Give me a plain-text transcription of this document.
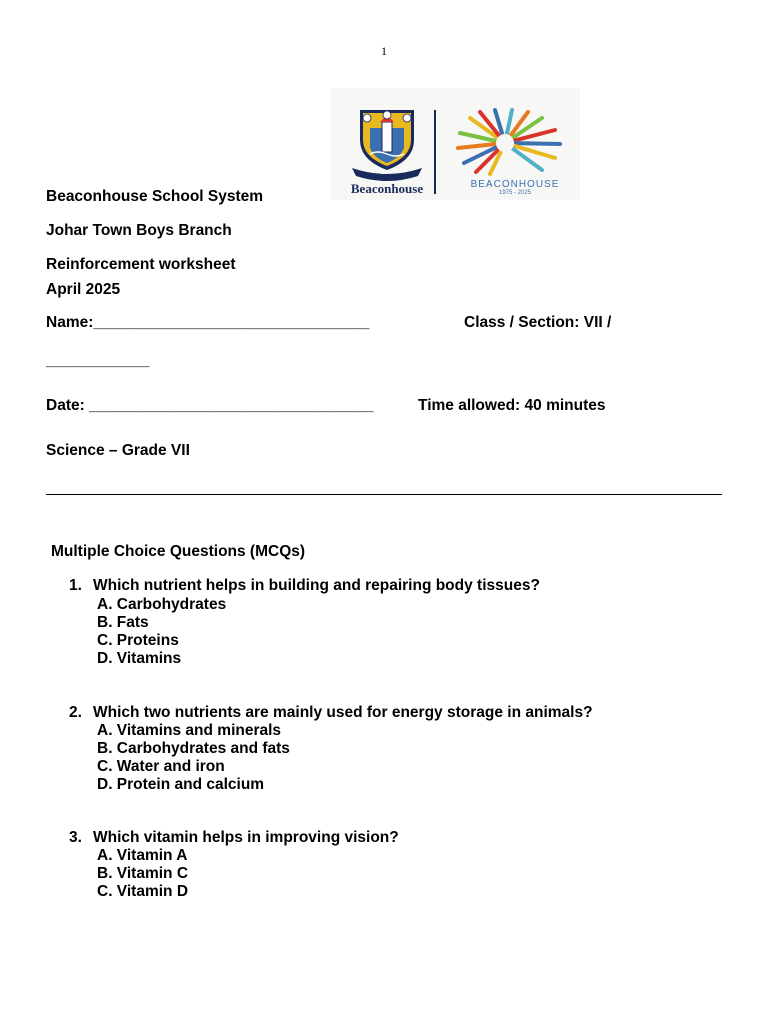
1
Beaconhouse	BEACONHOUSE
1975 - 2025
Beaconhouse School System
Johar Town Boys Branch
Reinforcement worksheet
April 2025
Name:________________________________	Class / Section: VII /
____________
Date: _________________________________	Time allowed: 40 minutes
Science – Grade VII
Multiple Choice Questions (MCQs)
1. Which nutrient helps in building and repairing body tissues?
A. Carbohydrates
B. Fats
C. Proteins
D. Vitamins
2. Which two nutrients are mainly used for energy storage in animals?
A. Vitamins and minerals
B. Carbohydrates and fats
C. Water and iron
D. Protein and calcium
3. Which vitamin helps in improving vision?
A. Vitamin A
B. Vitamin C
C. Vitamin D
